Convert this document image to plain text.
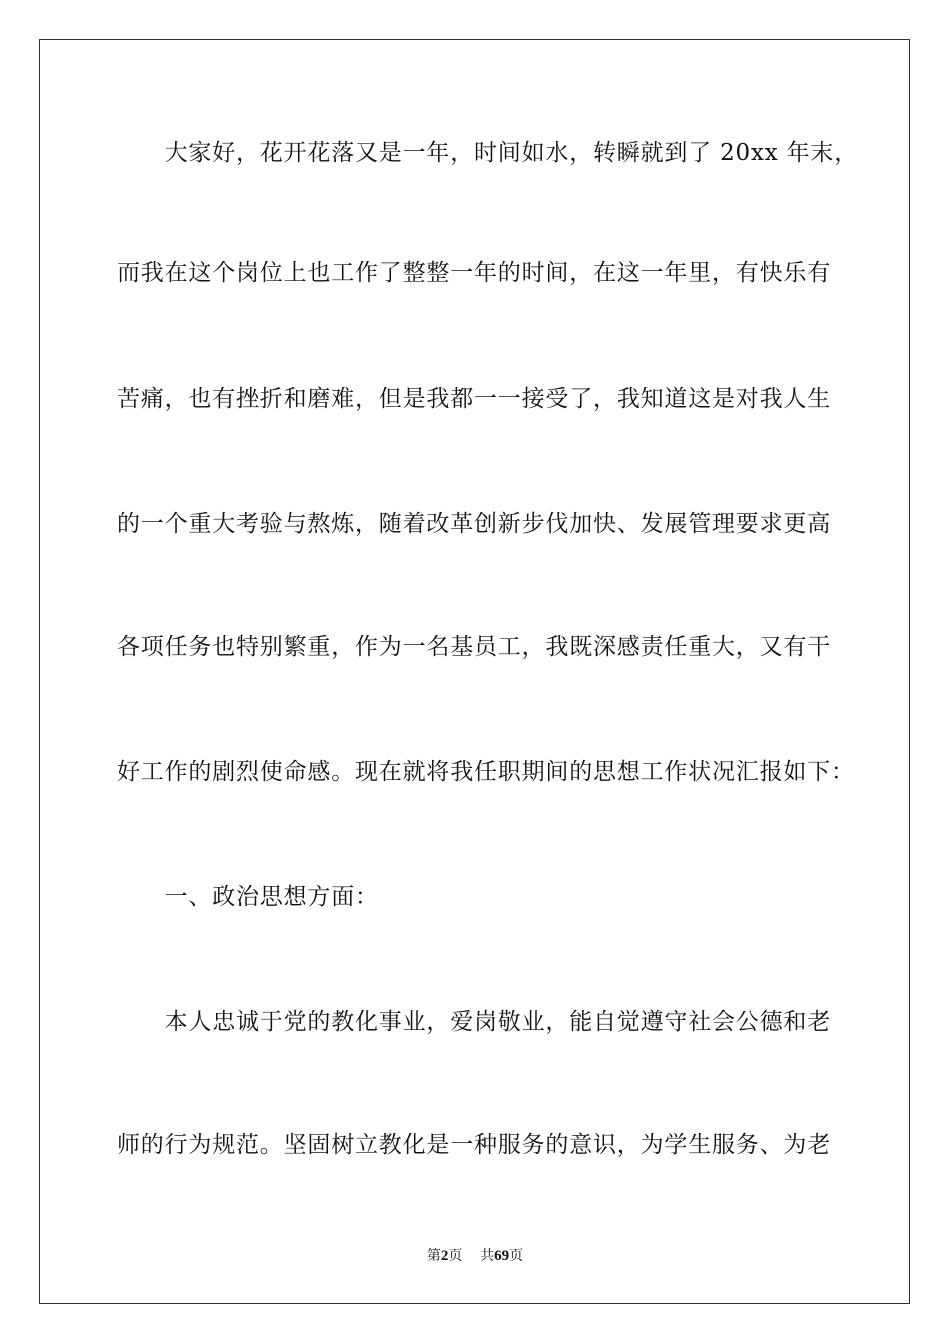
　　大家好，花开花落又是一年，时间如水，转瞬就到了 20xx 年末，
而我在这个岗位上也工作了整整一年的时间，在这一年里，有快乐有
苦痛，也有挫折和磨难，但是我都一一接受了，我知道这是对我人生
的一个重大考验与熬炼，随着改革创新步伐加快、发展管理要求更高
各项任务也特别繁重，作为一名基员工，我既深感责任重大，又有干
好工作的剧烈使命感。现在就将我任职期间的思想工作状况汇报如下：
　　一、政治思想方面：
　　本人忠诚于党的教化事业，爱岗敬业，能自觉遵守社会公德和老
师的行为规范。坚固树立教化是一种服务的意识，为学生服务、为老
第2页 共69页
